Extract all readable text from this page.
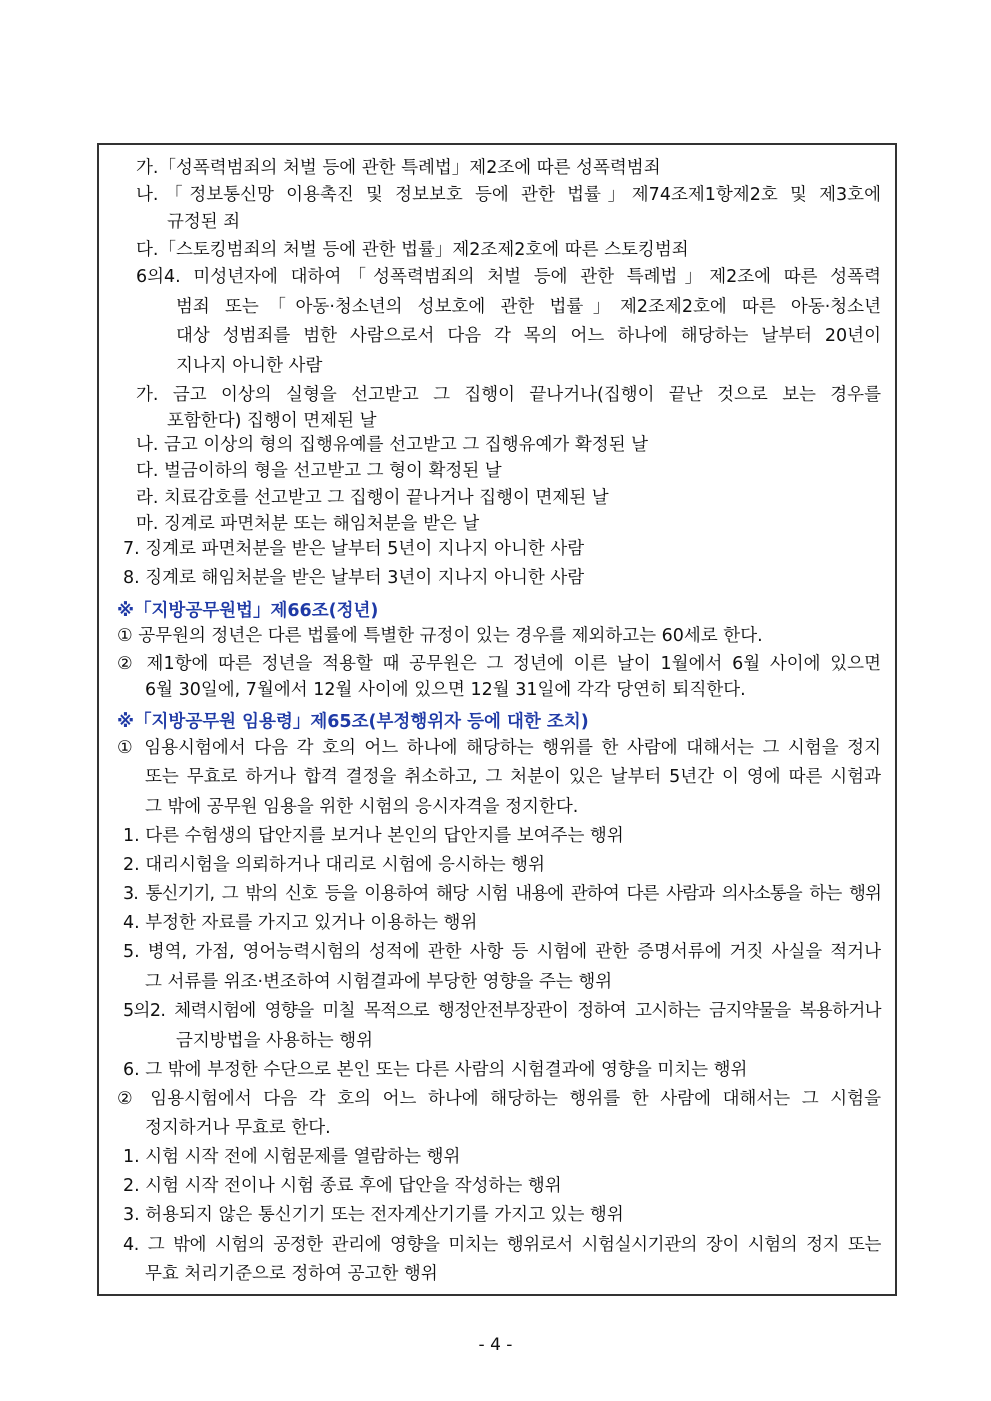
가.「성폭력범죄의 처벌 등에 관한 특례법」제2조에 따른 성폭력범죄
나.「정보통신망 이용촉진 및 정보보호 등에 관한 법률」제74조제1항제2호 및 제3호에
규정된 죄
다.「스토킹범죄의 처벌 등에 관한 법률」제2조제2호에 따른 스토킹범죄
6의4. 미성년자에 대하여「성폭력범죄의 처벌 등에 관한 특례법」제2조에 따른 성폭력
범죄 또는「아동·청소년의 성보호에 관한 법률」제2조제2호에 따른 아동·청소년
대상 성범죄를 범한 사람으로서 다음 각 목의 어느 하나에 해당하는 날부터 20년이
지나지 아니한 사람
가. 금고 이상의 실형을 선고받고 그 집행이 끝나거나(집행이 끝난 것으로 보는 경우를
포함한다) 집행이 면제된 날
나. 금고 이상의 형의 집행유예를 선고받고 그 집행유예가 확정된 날
다. 벌금이하의 형을 선고받고 그 형이 확정된 날
라. 치료감호를 선고받고 그 집행이 끝나거나 집행이 면제된 날
마. 징계로 파면처분 또는 해임처분을 받은 날
7. 징계로 파면처분을 받은 날부터 5년이 지나지 아니한 사람
8. 징계로 해임처분을 받은 날부터 3년이 지나지 아니한 사람
※「지방공무원법」제66조(정년)
① 공무원의 정년은 다른 법률에 특별한 규정이 있는 경우를 제외하고는 60세로 한다.
② 제1항에 따른 정년을 적용할 때 공무원은 그 정년에 이른 날이 1월에서 6월 사이에 있으면
6월 30일에, 7월에서 12월 사이에 있으면 12월 31일에 각각 당연히 퇴직한다.
※「지방공무원 임용령」제65조(부정행위자 등에 대한 조치)
① 임용시험에서 다음 각 호의 어느 하나에 해당하는 행위를 한 사람에 대해서는 그 시험을 정지
또는 무효로 하거나 합격 결정을 취소하고, 그 처분이 있은 날부터 5년간 이 영에 따른 시험과
그 밖에 공무원 임용을 위한 시험의 응시자격을 정지한다.
1. 다른 수험생의 답안지를 보거나 본인의 답안지를 보여주는 행위
2. 대리시험을 의뢰하거나 대리로 시험에 응시하는 행위
3. 통신기기, 그 밖의 신호 등을 이용하여 해당 시험 내용에 관하여 다른 사람과 의사소통을 하는 행위
4. 부정한 자료를 가지고 있거나 이용하는 행위
5. 병역, 가점, 영어능력시험의 성적에 관한 사항 등 시험에 관한 증명서류에 거짓 사실을 적거나
그 서류를 위조·변조하여 시험결과에 부당한 영향을 주는 행위
5의2. 체력시험에 영향을 미칠 목적으로 행정안전부장관이 정하여 고시하는 금지약물을 복용하거나
금지방법을 사용하는 행위
6. 그 밖에 부정한 수단으로 본인 또는 다른 사람의 시험결과에 영향을 미치는 행위
② 임용시험에서 다음 각 호의 어느 하나에 해당하는 행위를 한 사람에 대해서는 그 시험을
정지하거나 무효로 한다.
1. 시험 시작 전에 시험문제를 열람하는 행위
2. 시험 시작 전이나 시험 종료 후에 답안을 작성하는 행위
3. 허용되지 않은 통신기기 또는 전자계산기기를 가지고 있는 행위
4. 그 밖에 시험의 공정한 관리에 영향을 미치는 행위로서 시험실시기관의 장이 시험의 정지 또는
무효 처리기준으로 정하여 공고한 행위
- 4 -
